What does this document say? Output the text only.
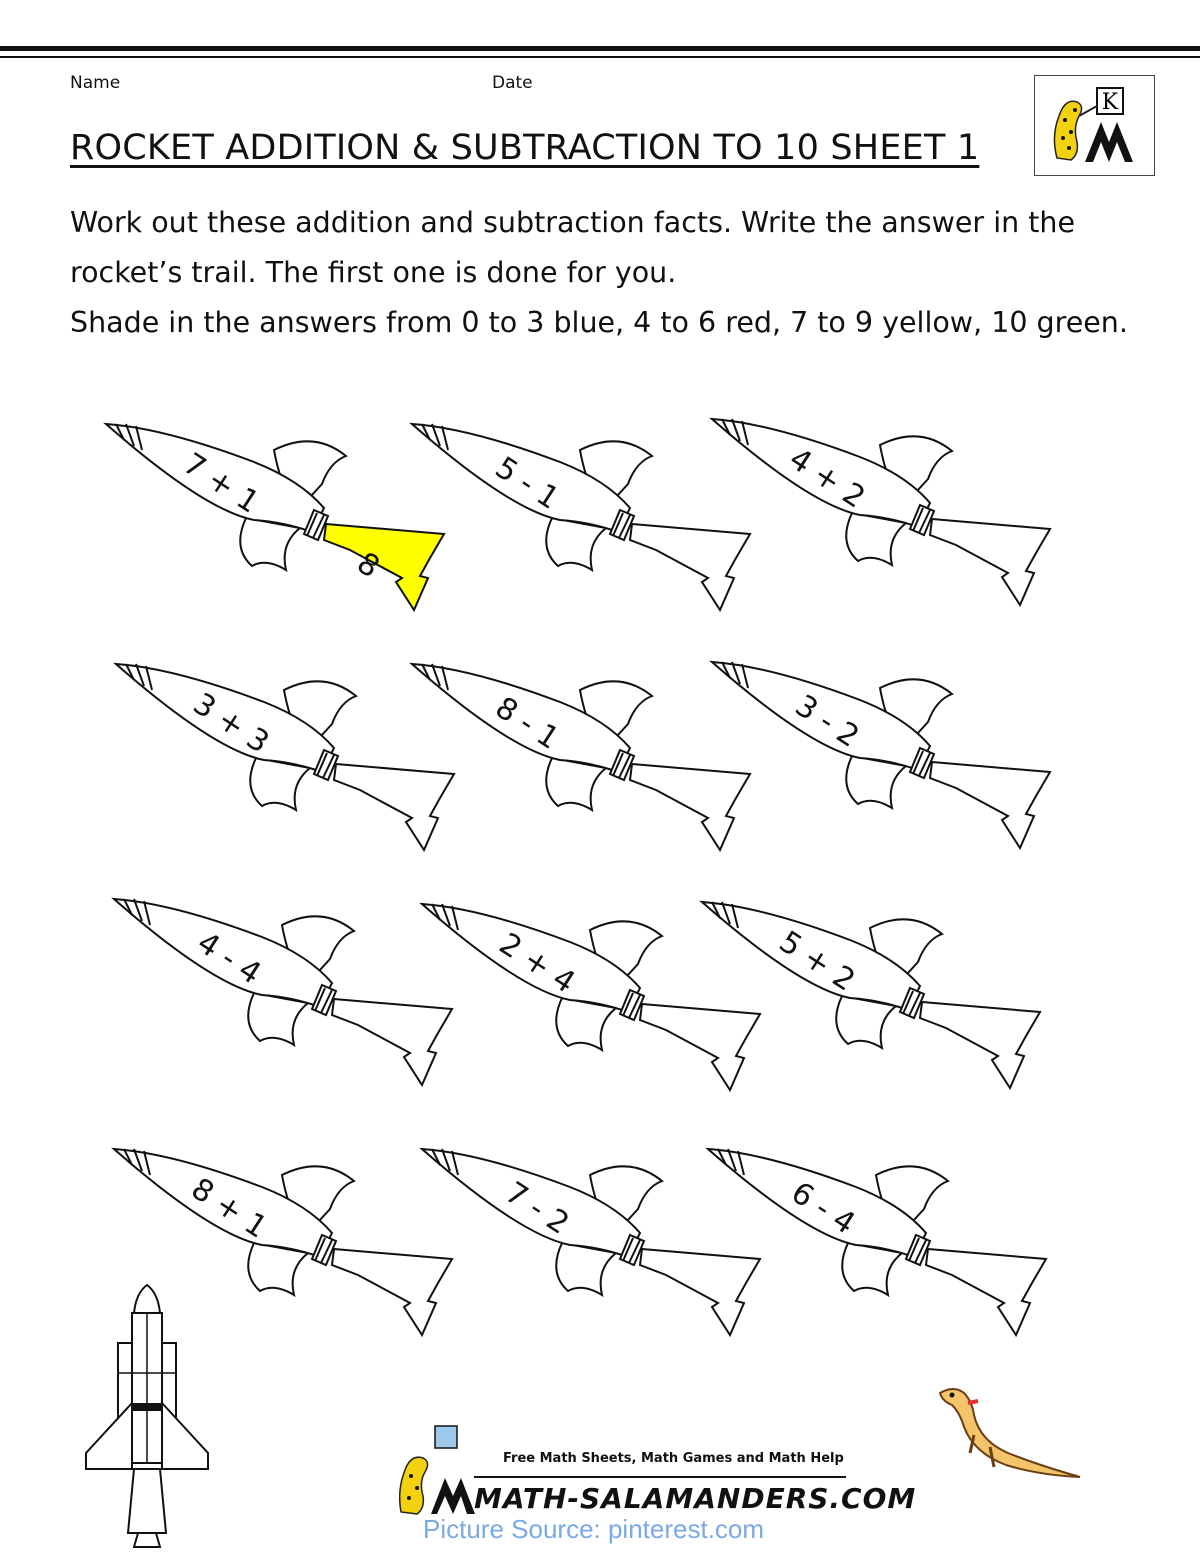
Name	Date
ROCKET ADDITION & SUBTRACTION TO 10 SHEET 1
K
Work out these addition and subtraction facts. Write the answer in the
rocket’s trail. The first one is done for you.
Shade in the answers from 0 to 3 blue, 4 to 6 red, 7 to 9 yellow, 10 green.
7 + 1
8
5 - 1	4 + 2
3 + 3	8 - 1	3 - 2
4 - 4	2 + 4	5 + 2
8 + 1	7 - 2	6 - 4
Free Math Sheets, Math Games and Math Help
MATH-SALAMANDERS.COM
Picture Source: pinterest.com
